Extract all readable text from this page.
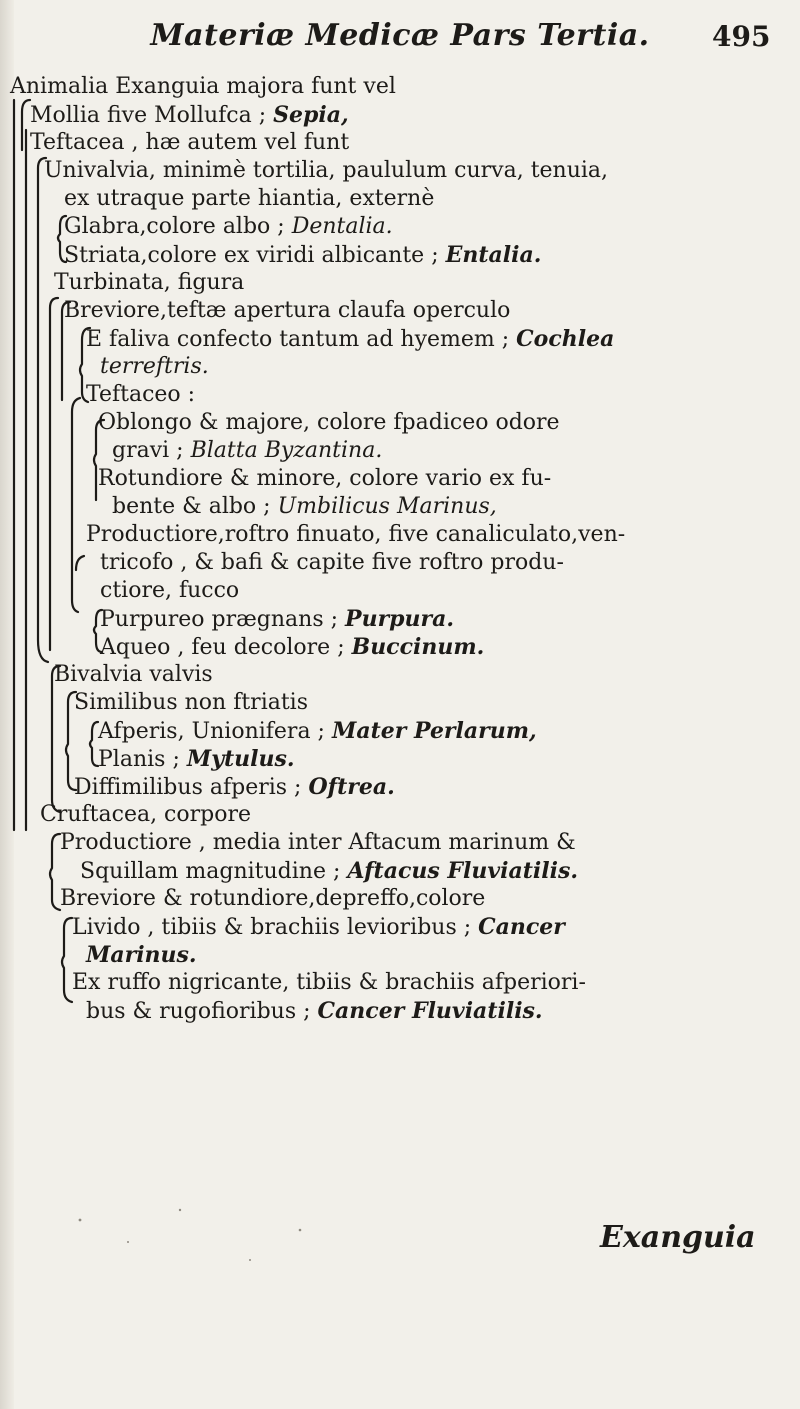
Materiæ Medicæ Pars Tertia.	495
Animalia Exanguia majora funt vel
Mollia five Mollufca ; Sepia,
Teftacea , hæ autem vel funt
Univalvia, minimè tortilia, paululum curva, tenuia,
ex utraque parte hiantia, externè
Glabra,colore albo ; Dentalia.
Striata,colore ex viridi albicante ; Entalia.
Turbinata, figura
Breviore,teftæ apertura claufa operculo
E faliva confecto tantum ad hyemem ; Cochlea
terreftris.
Teftaceo :
Oblongo & majore, colore fpadiceo odore
gravi ; Blatta Byzantina.
Rotundiore & minore, colore vario ex fu-
bente & albo ; Umbilicus Marinus,
Productiore,roftro finuato, five canaliculato,ven-
tricofo , & bafi & capite five roftro produ-
ctiore, fucco
Purpureo prægnans ; Purpura.
Aqueo , feu decolore ; Buccinum.
Bivalvia valvis
Similibus non ftriatis
Afperis, Unionifera ; Mater Perlarum,
Planis ; Mytulus.
Diffimilibus afperis ; Oftrea.
Cruftacea, corpore
Productiore , media inter Aftacum marinum &
Squillam magnitudine ; Aftacus Fluviatilis.
Breviore & rotundiore,depreffo,colore
Livido , tibiis & brachiis levioribus ; Cancer
Marinus.
Ex ruffo nigricante, tibiis & brachiis afperiori-
bus & rugofioribus ; Cancer Fluviatilis.
Exanguia
